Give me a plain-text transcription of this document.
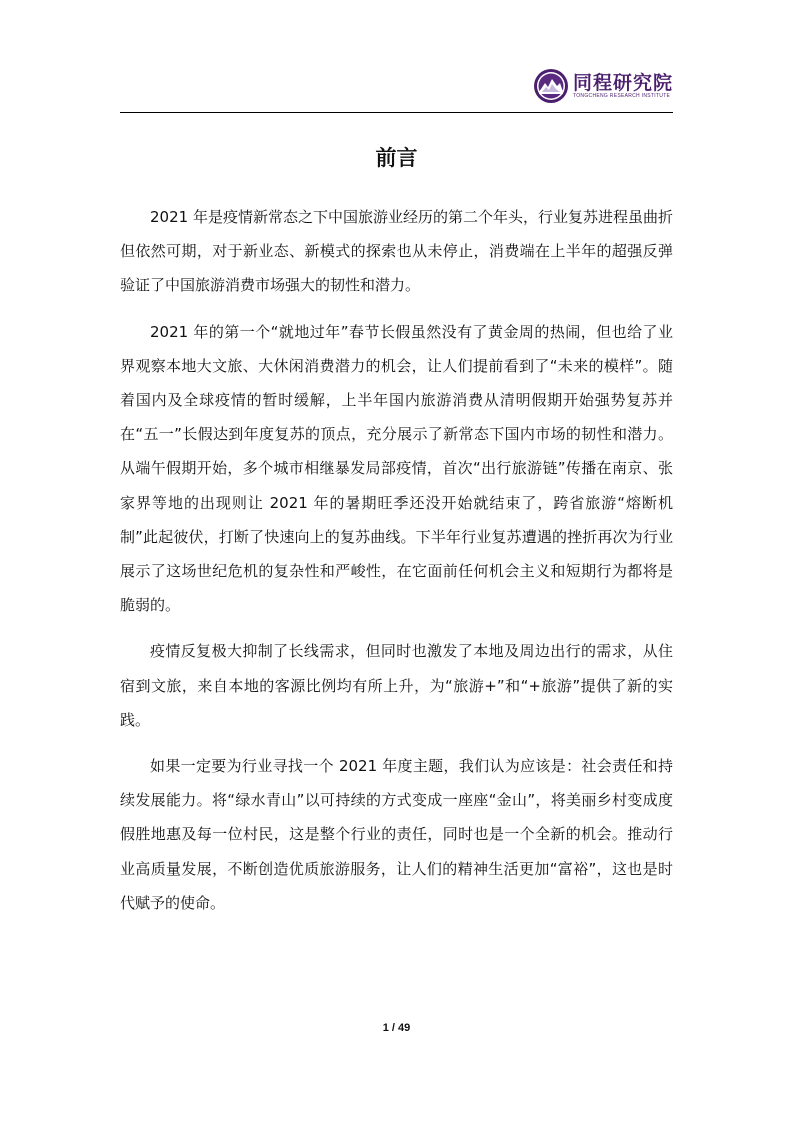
同程研究院
TONGCHENG RESEARCH INSTITUTE
前言

2021 年是疫情新常态之下中国旅游业经历的第二个年头，行业复苏进程虽曲折但依然可期，对于新业态、新模式的探索也从未停止，消费端在上半年的超强反弹验证了中国旅游消费市场强大的韧性和潜力。

2021 年的第一个“就地过年”春节长假虽然没有了黄金周的热闹，但也给了业界观察本地大文旅、大休闲消费潜力的机会，让人们提前看到了“未来的模样”。随着国内及全球疫情的暂时缓解，上半年国内旅游消费从清明假期开始强势复苏并在“五一”长假达到年度复苏的顶点，充分展示了新常态下国内市场的韧性和潜力。从端午假期开始，多个城市相继暴发局部疫情，首次“出行旅游链”传播在南京、张家界等地的出现则让 2021 年的暑期旺季还没开始就结束了，跨省旅游“熔断机制”此起彼伏，打断了快速向上的复苏曲线。下半年行业复苏遭遇的挫折再次为行业展示了这场世纪危机的复杂性和严峻性，在它面前任何机会主义和短期行为都将是脆弱的。

疫情反复极大抑制了长线需求，但同时也激发了本地及周边出行的需求，从住宿到文旅，来自本地的客源比例均有所上升，为“旅游+”和“+旅游”提供了新的实践。

如果一定要为行业寻找一个 2021 年度主题，我们认为应该是：社会责任和持续发展能力。将“绿水青山”以可持续的方式变成一座座“金山”，将美丽乡村变成度假胜地惠及每一位村民，这是整个行业的责任，同时也是一个全新的机会。推动行业高质量发展，不断创造优质旅游服务，让人们的精神生活更加“富裕”，这也是时代赋予的使命。

1 / 49
